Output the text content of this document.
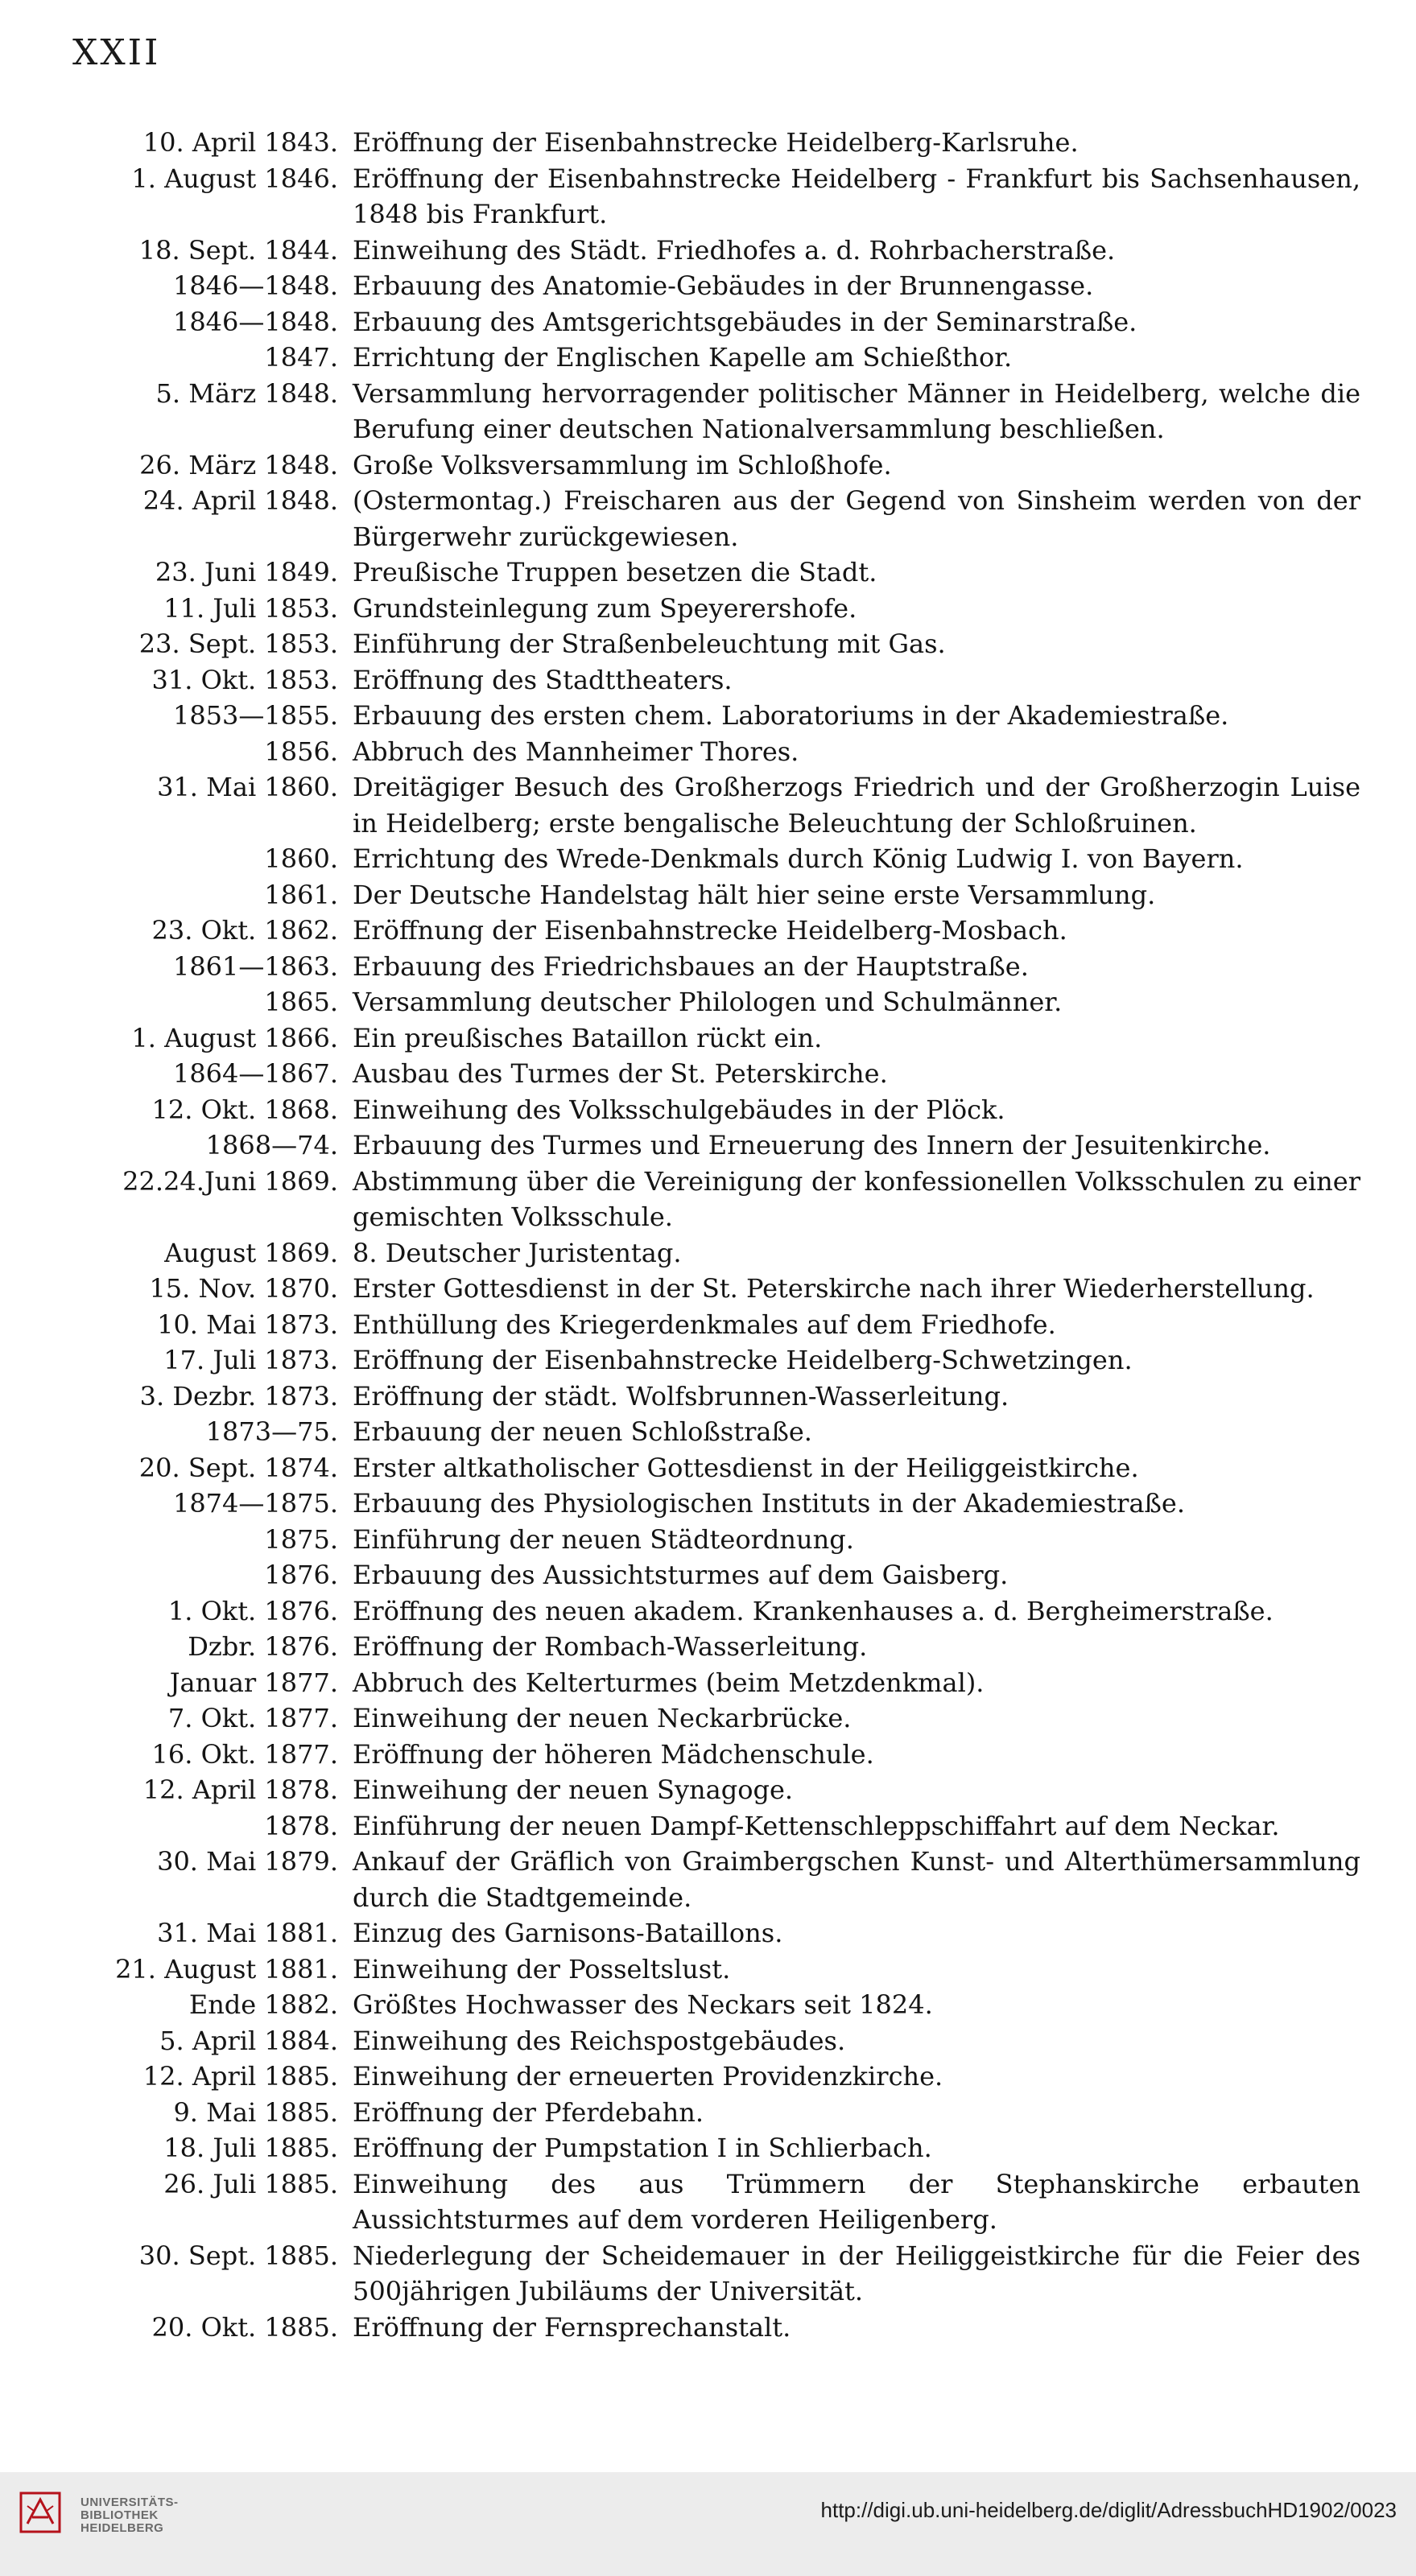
XXII
10. April 1843. Eröffnung der Eisenbahnstrecke Heidelberg-Karlsruhe.
1. August 1846. Eröffnung der Eisenbahnstrecke Heidelberg - Frankfurt bis Sachsenhausen, 1848 bis Frankfurt.
18. Sept. 1844. Einweihung des Städt. Friedhofes a. d. Rohrbacherstraße.
1846—1848. Erbauung des Anatomie-Gebäudes in der Brunnengasse.
1846—1848. Erbauung des Amtsgerichtsgebäudes in der Seminarstraße.
1847. Errichtung der Englischen Kapelle am Schießthor.
5. März 1848. Versammlung hervorragender politischer Männer in Heidelberg, welche die Berufung einer deutschen Nationalversammlung beschließen.
26. März 1848. Große Volksversammlung im Schloßhofe.
24. April 1848. (Ostermontag.) Freischaren aus der Gegend von Sinsheim werden von der Bürgerwehr zurückgewiesen.
23. Juni 1849. Preußische Truppen besetzen die Stadt.
11. Juli 1853. Grundsteinlegung zum Speyerershofe.
23. Sept. 1853. Einführung der Straßenbeleuchtung mit Gas.
31. Okt. 1853. Eröffnung des Stadttheaters.
1853—1855. Erbauung des ersten chem. Laboratoriums in der Akademiestraße.
1856. Abbruch des Mannheimer Thores.
31. Mai 1860. Dreitägiger Besuch des Großherzogs Friedrich und der Großherzogin Luise in Heidelberg; erste bengalische Beleuchtung der Schloßruinen.
1860. Errichtung des Wrede-Denkmals durch König Ludwig I. von Bayern.
1861. Der Deutsche Handelstag hält hier seine erste Versammlung.
23. Okt. 1862. Eröffnung der Eisenbahnstrecke Heidelberg-Mosbach.
1861—1863. Erbauung des Friedrichsbaues an der Hauptstraße.
1865. Versammlung deutscher Philologen und Schulmänner.
1. August 1866. Ein preußisches Bataillon rückt ein.
1864—1867. Ausbau des Turmes der St. Peterskirche.
12. Okt. 1868. Einweihung des Volksschulgebäudes in der Plöck.
1868—74. Erbauung des Turmes und Erneuerung des Innern der Jesuitenkirche.
22.24.Juni 1869. Abstimmung über die Vereinigung der konfessionellen Volksschulen zu einer gemischten Volksschule.
August 1869. 8. Deutscher Juristentag.
15. Nov. 1870. Erster Gottesdienst in der St. Peterskirche nach ihrer Wiederherstellung.
10. Mai 1873. Enthüllung des Kriegerdenkmales auf dem Friedhofe.
17. Juli 1873. Eröffnung der Eisenbahnstrecke Heidelberg-Schwetzingen.
3. Dezbr. 1873. Eröffnung der städt. Wolfsbrunnen-Wasserleitung.
1873—75. Erbauung der neuen Schloßstraße.
20. Sept. 1874. Erster altkatholischer Gottesdienst in der Heiliggeistkirche.
1874—1875. Erbauung des Physiologischen Instituts in der Akademiestraße.
1875. Einführung der neuen Städteordnung.
1876. Erbauung des Aussichtsturmes auf dem Gaisberg.
1. Okt. 1876. Eröffnung des neuen akadem. Krankenhauses a. d. Bergheimerstraße.
Dzbr. 1876. Eröffnung der Rombach-Wasserleitung.
Januar 1877. Abbruch des Kelterturmes (beim Metzdenkmal).
7. Okt. 1877. Einweihung der neuen Neckarbrücke.
16. Okt. 1877. Eröffnung der höheren Mädchenschule.
12. April 1878. Einweihung der neuen Synagoge.
1878. Einführung der neuen Dampf-Kettenschleppschiffahrt auf dem Neckar.
30. Mai 1879. Ankauf der Gräflich von Graimbergschen Kunst- und Alterthümersammlung durch die Stadtgemeinde.
31. Mai 1881. Einzug des Garnisons-Bataillons.
21. August 1881. Einweihung der Posseltslust.
Ende 1882. Größtes Hochwasser des Neckars seit 1824.
5. April 1884. Einweihung des Reichspostgebäudes.
12. April 1885. Einweihung der erneuerten Providenzkirche.
9. Mai 1885. Eröffnung der Pferdebahn.
18. Juli 1885. Eröffnung der Pumpstation I in Schlierbach.
26. Juli 1885. Einweihung des aus Trümmern der Stephanskirche erbauten Aussichtsturmes auf dem vorderen Heiligenberg.
30. Sept. 1885. Niederlegung der Scheidemauer in der Heiliggeistkirche für die Feier des 500jährigen Jubiläums der Universität.
20. Okt. 1885. Eröffnung der Fernsprechanstalt.
UNIVERSITÄTS-
BIBLIOTHEK
HEIDELBERG
http://digi.ub.uni-heidelberg.de/diglit/AdressbuchHD1902/0023
